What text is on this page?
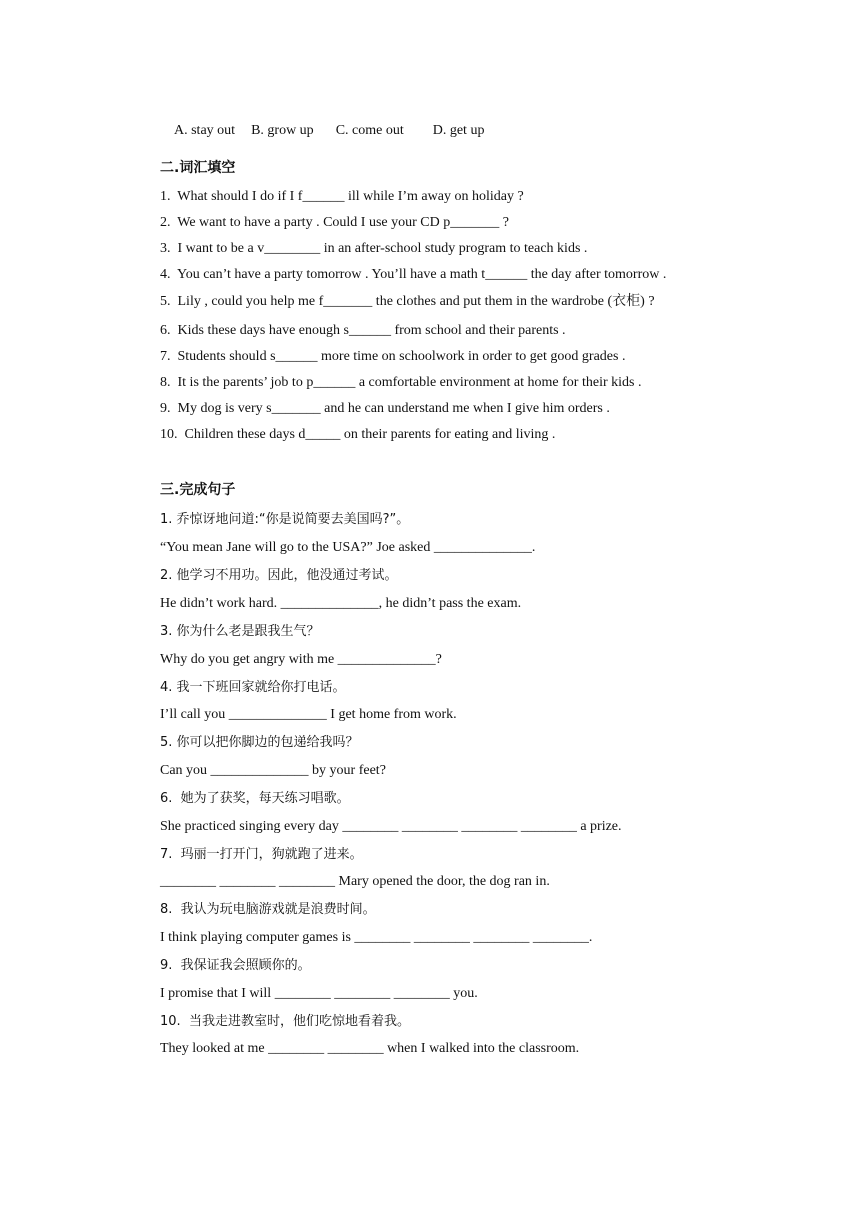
A. stay out B. grow up C. come out D. get up

二.词汇填空
1.  What should I do if I f______ ill while I’m away on holiday ?
2.  We want to have a party . Could I use your CD p_______ ?
3.  I want to be a v________ in an after-school study program to teach kids .
4.  You can’t have a party tomorrow . You’ll have a math t______ the day after tomorrow .
5.  Lily , could you help me f_______ the clothes and put them in the wardrobe (衣柜) ?
6.  Kids these days have enough s______ from school and their parents .
7.  Students should s______ more time on schoolwork in order to get good grades .
8.  It is the parents’ job to p______ a comfortable environment at home for their kids .
9.  My dog is very s_______ and he can understand me when I give him orders .
10.  Children these days d_____ on their parents for eating and living .
三.完成句子
1. 乔惊讶地问道:“你是说简要去美国吗?”。
“You mean Jane will go to the USA?” Joe asked ______________.
2. 他学习不用功。因此，他没通过考试。
He didn’t work hard. ______________, he didn’t pass the exam.
3. 你为什么老是跟我生气？
Why do you get angry with me ______________?
4. 我一下班回家就给你打电话。
I’ll call you ______________ I get home from work.
5. 你可以把你脚边的包递给我吗？
Can you ______________ by your feet?
6.  她为了获奖，每天练习唱歌。
She practiced singing every day ________ ________ ________ ________ a prize.
7.  玛丽一打开门，狗就跑了进来。
________ ________ ________ Mary opened the door, the dog ran in.
8.  我认为玩电脑游戏就是浪费时间。
I think playing computer games is ________ ________ ________ ________.
9.  我保证我会照顾你的。
I promise that I will ________ ________ ________ you.
10.  当我走进教室时，他们吃惊地看着我。
They looked at me ________ ________ when I walked into the classroom.
